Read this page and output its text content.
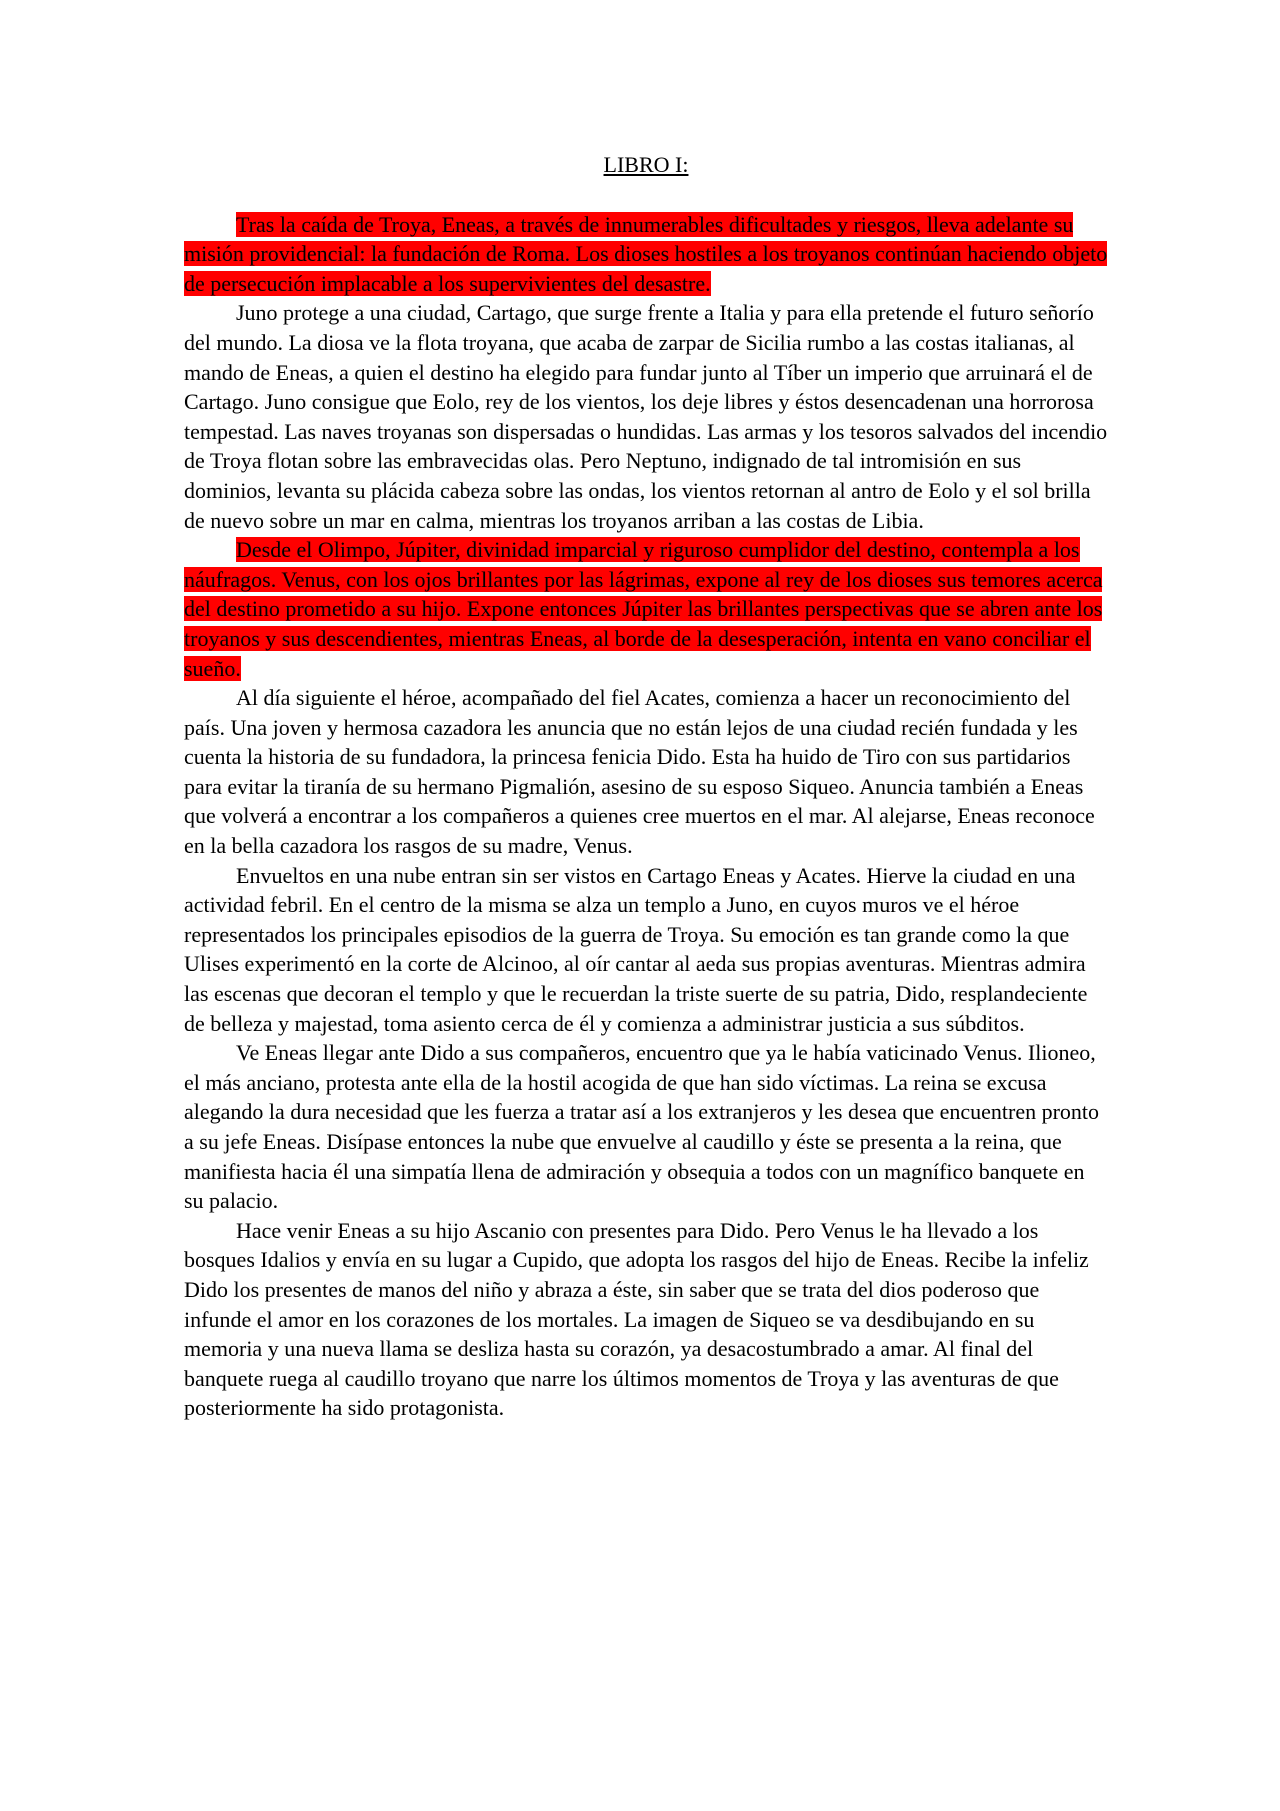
LIBRO I:

Tras la caída de Troya, Eneas, a través de innumerables dificultades y riesgos, lleva adelante su misión providencial: la fundación de Roma. Los dioses hostiles a los troyanos continúan haciendo objeto de persecución implacable a los supervivientes del desastre.

Juno protege a una ciudad, Cartago, que surge frente a Italia y para ella pretende el futuro señorío del mundo. La diosa ve la flota troyana, que acaba de zarpar de Sicilia rumbo a las costas italianas, al mando de Eneas, a quien el destino ha elegido para fundar junto al Tíber un imperio que arruinará el de Cartago. Juno consigue que Eolo, rey de los vientos, los deje libres y éstos desencadenan una horrorosa tempestad. Las naves troyanas son dispersadas o hundidas. Las armas y los tesoros salvados del incendio de Troya flotan sobre las embravecidas olas. Pero Neptuno, indignado de tal intromisión en sus dominios, levanta su plácida cabeza sobre las ondas, los vientos retornan al antro de Eolo y el sol brilla de nuevo sobre un mar en calma, mientras los troyanos arriban a las costas de Libia.

Desde el Olimpo, Júpiter, divinidad imparcial y riguroso cumplidor del destino, contempla a los náufragos. Venus, con los ojos brillantes por las lágrimas, expone al rey de los dioses sus temores acerca del destino prometido a su hijo. Expone entonces Júpiter las brillantes perspectivas que se abren ante los troyanos y sus descendientes, mientras Eneas, al borde de la desesperación, intenta en vano conciliar el sueño.

Al día siguiente el héroe, acompañado del fiel Acates, comienza a hacer un reconocimiento del país. Una joven y hermosa cazadora les anuncia que no están lejos de una ciudad recién fundada y les cuenta la historia de su fundadora, la princesa fenicia Dido. Esta ha huido de Tiro con sus partidarios para evitar la tiranía de su hermano Pigmalión, asesino de su esposo Siqueo. Anuncia también a Eneas que volverá a encontrar a los compañeros a quienes cree muertos en el mar. Al alejarse, Eneas reconoce en la bella cazadora los rasgos de su madre, Venus.

Envueltos en una nube entran sin ser vistos en Cartago Eneas y Acates. Hierve la ciudad en una actividad febril. En el centro de la misma se alza un templo a Juno, en cuyos muros ve el héroe representados los principales episodios de la guerra de Troya. Su emoción es tan grande como la que Ulises experimentó en la corte de Alcinoo, al oír cantar al aeda sus propias aventuras. Mientras admira las escenas que decoran el templo y que le recuerdan la triste suerte de su patria, Dido, resplandeciente de belleza y majestad, toma asiento cerca de él y comienza a administrar justicia a sus súbditos.

Ve Eneas llegar ante Dido a sus compañeros, encuentro que ya le había vaticinado Venus. Ilioneo, el más anciano, protesta ante ella de la hostil acogida de que han sido víctimas. La reina se excusa alegando la dura necesidad que les fuerza a tratar así a los extranjeros y les desea que encuentren pronto a su jefe Eneas. Disípase entonces la nube que envuelve al caudillo y éste se presenta a la reina, que manifiesta hacia él una simpatía llena de admiración y obsequia a todos con un magnífico banquete en su palacio.

Hace venir Eneas a su hijo Ascanio con presentes para Dido. Pero Venus le ha llevado a los bosques Idalios y envía en su lugar a Cupido, que adopta los rasgos del hijo de Eneas. Recibe la infeliz Dido los presentes de manos del niño y abraza a éste, sin saber que se trata del dios poderoso que infunde el amor en los corazones de los mortales. La imagen de Siqueo se va desdibujando en su memoria y una nueva llama se desliza hasta su corazón, ya desacostumbrado a amar. Al final del banquete ruega al caudillo troyano que narre los últimos momentos de Troya y las aventuras de que posteriormente ha sido protagonista.
